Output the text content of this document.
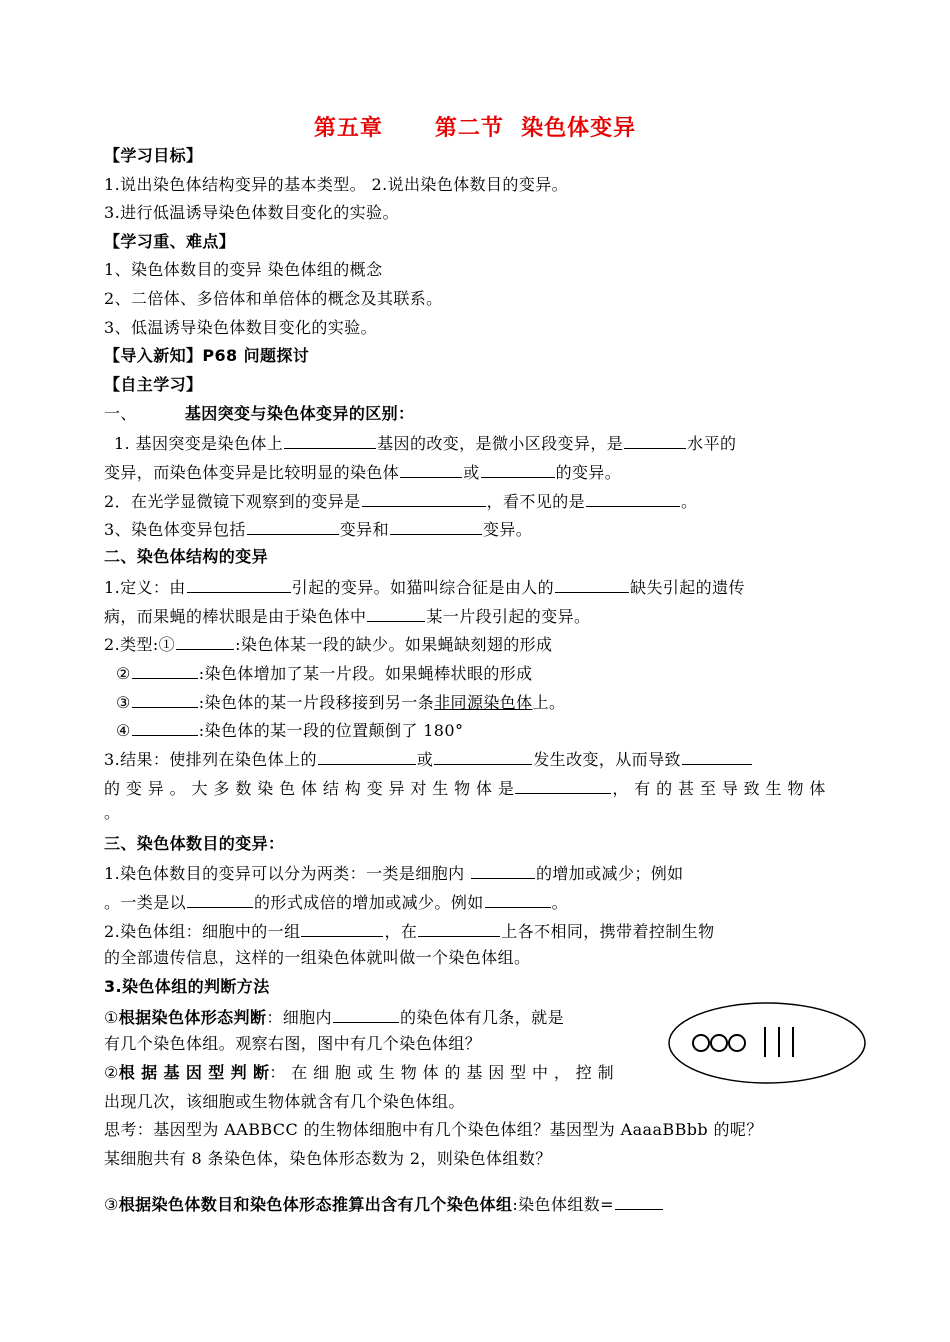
第五章      第二节  染色体变异
【学习目标】
1.说出染色体结构变异的基本类型。 2.说出染色体数目的变异。
3.进行低温诱导染色体数目变化的实验。
【学习重、难点】
1、染色体数目的变异 染色体组的概念
2、二倍体、多倍体和单倍体的概念及其联系。
3、低温诱导染色体数目变化的实验。
【导入新知】P68 问题探讨
【自主学习】
一、	基因突变与染色体变异的区别：
1. 基因突变是染色体上	基因的改变，是微小区段变异，是	水平的
变异，而染色体变异是比较明显的染色体	或	的变异。
2．在光学显微镜下观察到的变异是	，看不见的是	。
3、染色体变异包括	变异和	变异。
二、染色体结构的变异
1.定义：由	引起的变异。如猫叫综合征是由人的	缺失引起的遗传
病，而果蝇的棒状眼是由于染色体中	某一片段引起的变异。
2.类型:①	:染色体某一段的缺少。如果蝇缺刻翅的形成
②	:染色体增加了某一片段。如果蝇棒状眼的形成
③	:染色体的某一片段移接到另一条非同源染色体上。
④	:染色体的某一段的位置颠倒了 180°
3.结果：使排列在染色体上的	或	发生改变，从而导致
的 变 异 。 大 多 数 染 色 体 结 构 变 异 对 生 物 体 是	， 有 的 甚 至 导 致 生 物 体
。
三、染色体数目的变异：
1.染色体数目的变异可以分为两类：一类是细胞内	的增加或减少；例如
。一类是以	的形式成倍的增加或减少。例如	。
2.染色体组：细胞中的一组	，在	上各不相同，携带着控制生物
的全部遗传信息，这样的一组染色体就叫做一个染色体组。
3.染色体组的判断方法
①根据染色体形态判断：细胞内	的染色体有几条，就是
有几个染色体组。观察右图，图中有几个染色体组？
②根 据 基 因 型 判 断： 在 细 胞 或 生 物 体 的 基 因 型 中 ， 控 制
出现几次，该细胞或生物体就含有几个染色体组。
思考：基因型为 AABBCC 的生物体细胞中有几个染色体组？基因型为 AaaaBBbb 的呢？
某细胞共有 8 条染色体，染色体形态数为 2，则染色体组数？
③根据染色体数目和染色体形态推算出含有几个染色体组:染色体组数=
